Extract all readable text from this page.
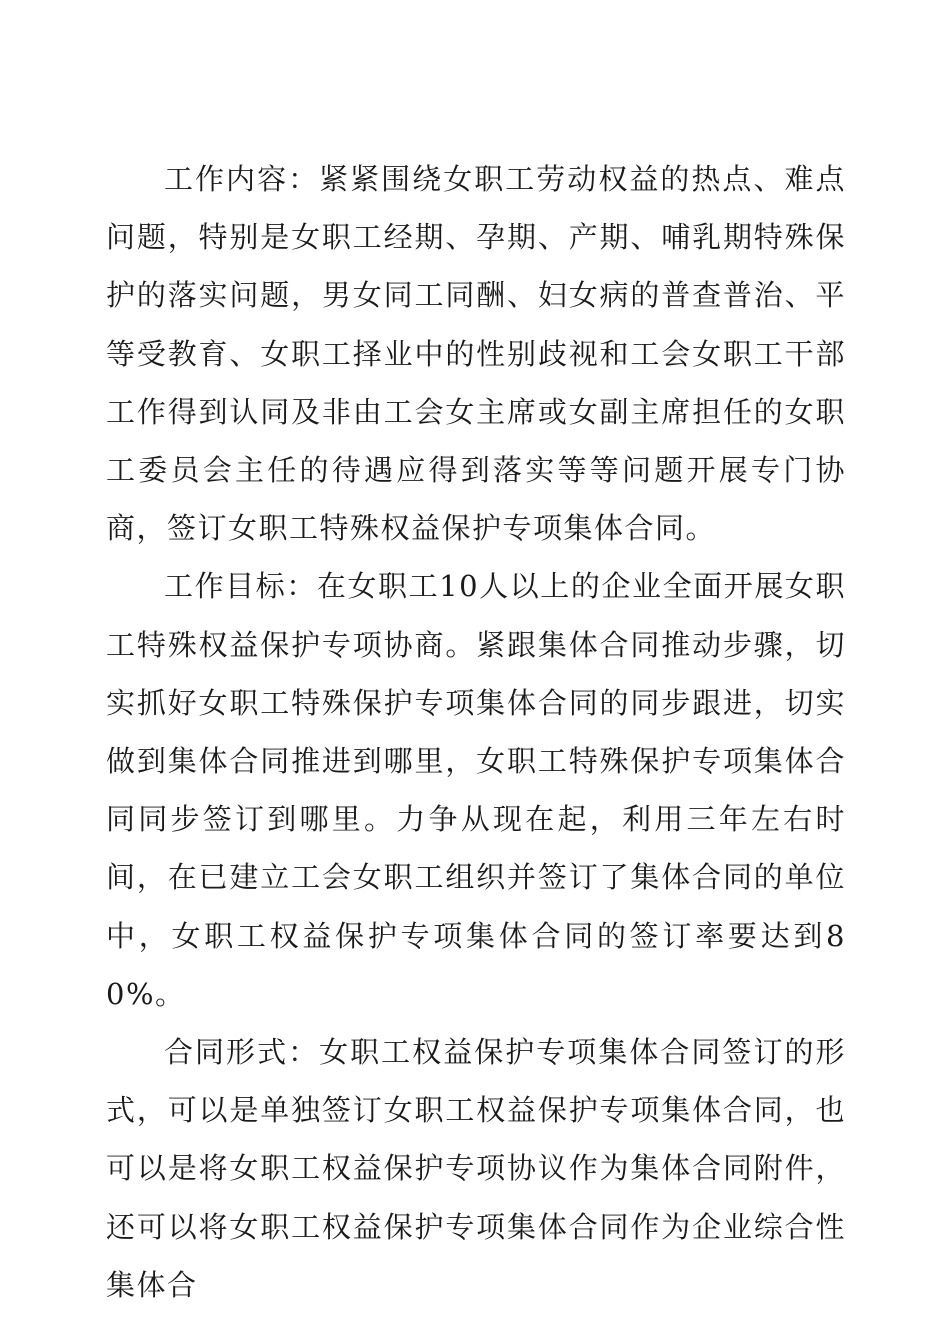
工作内容：紧紧围绕女职工劳动权益的热点、难点问题，特别是女职工经期、孕期、产期、哺乳期特殊保护的落实问题，男女同工同酬、妇女病的普查普治、平等受教育、女职工择业中的性别歧视和工会女职工干部工作得到认同及非由工会女主席或女副主席担任的女职工委员会主任的待遇应得到落实等等问题开展专门协商，签订女职工特殊权益保护专项集体合同。

工作目标：在女职工10人以上的企业全面开展女职工特殊权益保护专项协商。紧跟集体合同推动步骤，切实抓好女职工特殊保护专项集体合同的同步跟进，切实做到集体合同推进到哪里，女职工特殊保护专项集体合同同步签订到哪里。力争从现在起，利用三年左右时间，在已建立工会女职工组织并签订了集体合同的单位中，女职工权益保护专项集体合同的签订率要达到80%。

合同形式：女职工权益保护专项集体合同签订的形式，可以是单独签订女职工权益保护专项集体合同，也可以是将女职工权益保护专项协议作为集体合同附件，还可以将女职工权益保护专项集体合同作为企业综合性集体合
